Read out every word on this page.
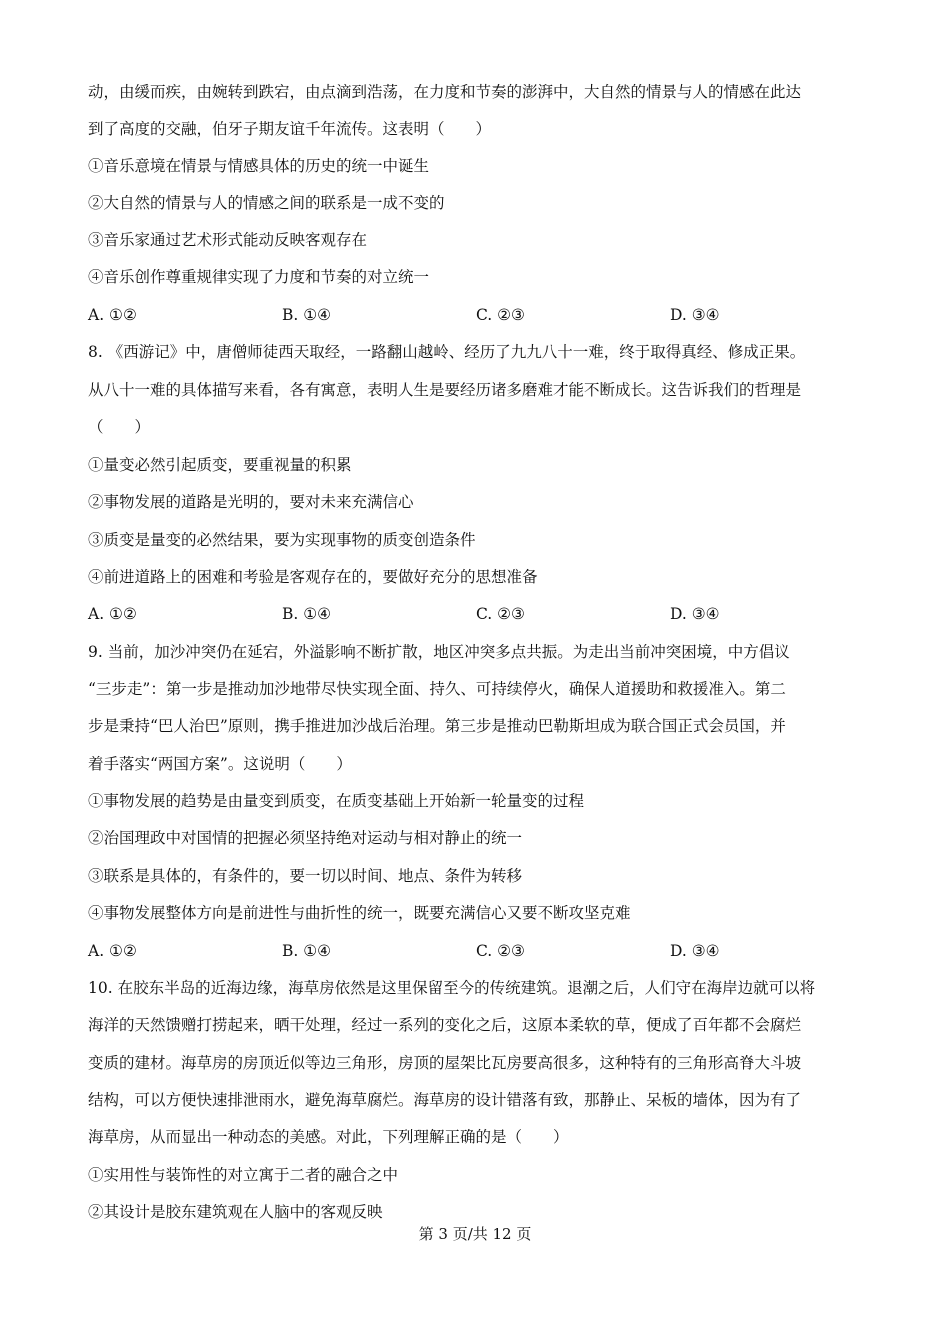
动，由缓而疾，由婉转到跌宕，由点滴到浩荡，在力度和节奏的澎湃中，大自然的情景与人的情感在此达
到了高度的交融，伯牙子期友谊千年流传。这表明（　　）
①音乐意境在情景与情感具体的历史的统一中诞生
②大自然的情景与人的情感之间的联系是一成不变的
③音乐家通过艺术形式能动反映客观存在
④音乐创作尊重规律实现了力度和节奏的对立统一
A. ①②	B. ①④	C. ②③	D. ③④
8. 《西游记》中，唐僧师徒西天取经，一路翻山越岭、经历了九九八十一难，终于取得真经、修成正果。
从八十一难的具体描写来看，各有寓意，表明人生是要经历诸多磨难才能不断成长。这告诉我们的哲理是
（　　）
①量变必然引起质变，要重视量的积累
②事物发展的道路是光明的，要对未来充满信心
③质变是量变的必然结果，要为实现事物的质变创造条件
④前进道路上的困难和考验是客观存在的，要做好充分的思想准备
A. ①②	B. ①④	C. ②③	D. ③④
9. 当前，加沙冲突仍在延宕，外溢影响不断扩散，地区冲突多点共振。为走出当前冲突困境，中方倡议
“三步走”：第一步是推动加沙地带尽快实现全面、持久、可持续停火，确保人道援助和救援准入。第二
步是秉持“巴人治巴”原则，携手推进加沙战后治理。第三步是推动巴勒斯坦成为联合国正式会员国，并
着手落实“两国方案”。这说明（　　）
①事物发展的趋势是由量变到质变，在质变基础上开始新一轮量变的过程
②治国理政中对国情的把握必须坚持绝对运动与相对静止的统一
③联系是具体的，有条件的，要一切以时间、地点、条件为转移
④事物发展整体方向是前进性与曲折性的统一，既要充满信心又要不断攻坚克难
A. ①②	B. ①④	C. ②③	D. ③④
10. 在胶东半岛的近海边缘，海草房依然是这里保留至今的传统建筑。退潮之后，人们守在海岸边就可以将
海洋的天然馈赠打捞起来，晒干处理，经过一系列的变化之后，这原本柔软的草，便成了百年都不会腐烂
变质的建材。海草房的房顶近似等边三角形，房顶的屋架比瓦房要高很多，这种特有的三角形高脊大斗坡
结构，可以方便快速排泄雨水，避免海草腐烂。海草房的设计错落有致，那静止、呆板的墙体，因为有了
海草房，从而显出一种动态的美感。对此，下列理解正确的是（　　）
①实用性与装饰性的对立寓于二者的融合之中
②其设计是胶东建筑观在人脑中的客观反映
第 3 页/共 12 页
